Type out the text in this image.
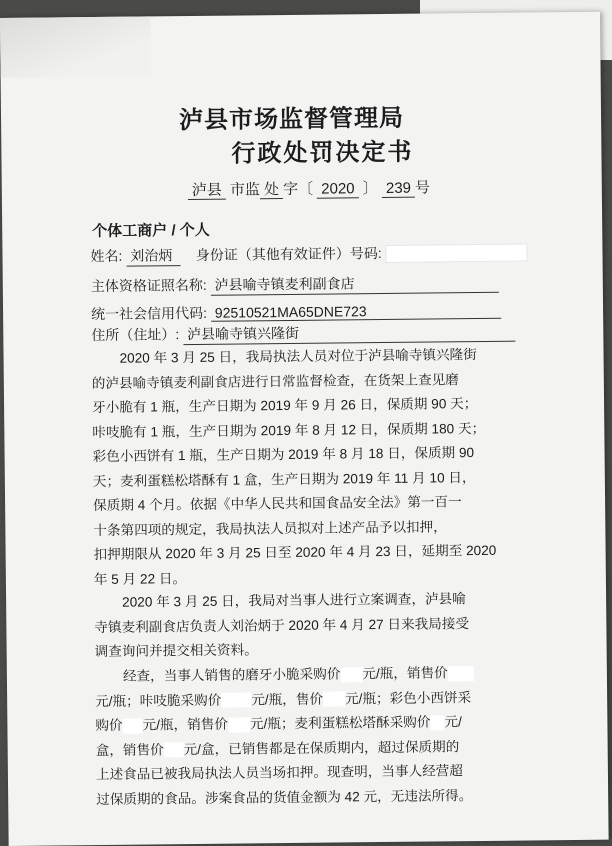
泸县市场监督管理局
行政处罚决定书
泸县 市监 处 字〔 2020 〕 239 号
个体工商户 / 个人
姓名: 刘治炳 身份证（其他有效证件）号码:
主体资格证照名称: 泸县喻寺镇麦利副食店
统一社会信用代码: 92510521MA65DNE723
住所（住址）: 泸县喻寺镇兴隆街
2020 年 3 月 25 日，我局执法人员对位于泸县喻寺镇兴隆街
的泸县喻寺镇麦利副食店进行日常监督检查，在货架上查见磨
牙小脆有 1 瓶，生产日期为 2019 年 9 月 26 日，保质期 90 天；
咔吱脆有 1 瓶，生产日期为 2019 年 8 月 12 日，保质期 180 天；
彩色小西饼有 1 瓶，生产日期为 2019 年 8 月 18 日，保质期 90
天；麦利蛋糕松塔酥有 1 盒，生产日期为 2019 年 11 月 10 日，
保质期 4 个月。依据《中华人民共和国食品安全法》第一百一
十条第四项的规定，我局执法人员拟对上述产品予以扣押，
扣押期限从 2020 年 3 月 25 日至 2020 年 4 月 23 日，延期至 2020
年 5 月 22 日。
2020 年 3 月 25 日，我局对当事人进行立案调查，泸县喻
寺镇麦利副食店负责人刘治炳于 2020 年 4 月 27 日来我局接受
调查询问并提交相关资料。
经查，当事人销售的磨牙小脆采购价 元/瓶，销售价
元/瓶；咔吱脆采购价 元/瓶，售价 元/瓶；彩色小西饼采
购价 元/瓶，销售价 元/瓶；麦利蛋糕松塔酥采购价 元/
盒，销售价 元/盒，已销售都是在保质期内，超过保质期的
上述食品已被我局执法人员当场扣押。现查明，当事人经营超
过保质期的食品。涉案食品的货值金额为 42 元，无违法所得。
